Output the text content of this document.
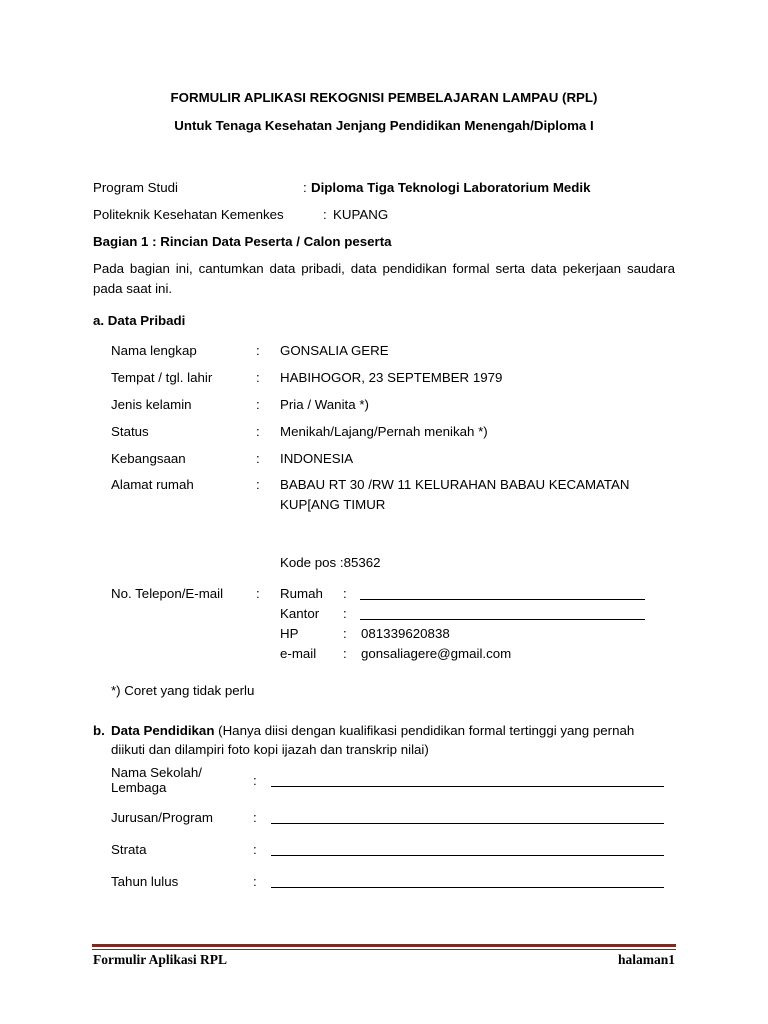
FORMULIR APLIKASI REKOGNISI PEMBELAJARAN LAMPAU (RPL)
Untuk Tenaga Kesehatan Jenjang Pendidikan Menengah/Diploma I
Program Studi	: Diploma Tiga Teknologi Laboratorium Medik
Politeknik Kesehatan Kemenkes	: KUPANG
Bagian 1 : Rincian Data Peserta / Calon peserta
Pada bagian ini, cantumkan data pribadi, data pendidikan formal serta data pekerjaan saudara pada saat ini.
a. Data Pribadi
Nama lengkap	: GONSALIA GERE
Tempat / tgl. lahir	: HABIHOGOR, 23 SEPTEMBER 1979
Jenis kelamin	: Pria / Wanita *)
Status	: Menikah/Lajang/Pernah menikah *)
Kebangsaan	: INDONESIA
Alamat rumah	: BABAU RT 30 /RW 11 KELURAHAN BABAU KECAMATAN
KUP[ANG TIMUR
Kode pos :85362
No. Telepon/E-mail : Rumah :
Kantor :
HP	: 081339620838
e-mail : gonsaliagere@gmail.com
*) Coret yang tidak perlu
b. Data Pendidikan (Hanya diisi dengan kualifikasi pendidikan formal tertinggi yang pernah
diikuti dan dilampiri foto kopi ijazah dan transkrip nilai)
Nama Sekolah/
Lembaga	:
Jurusan/Program	:
Strata	:
Tahun lulus	:
Formulir Aplikasi RPL	halaman1
